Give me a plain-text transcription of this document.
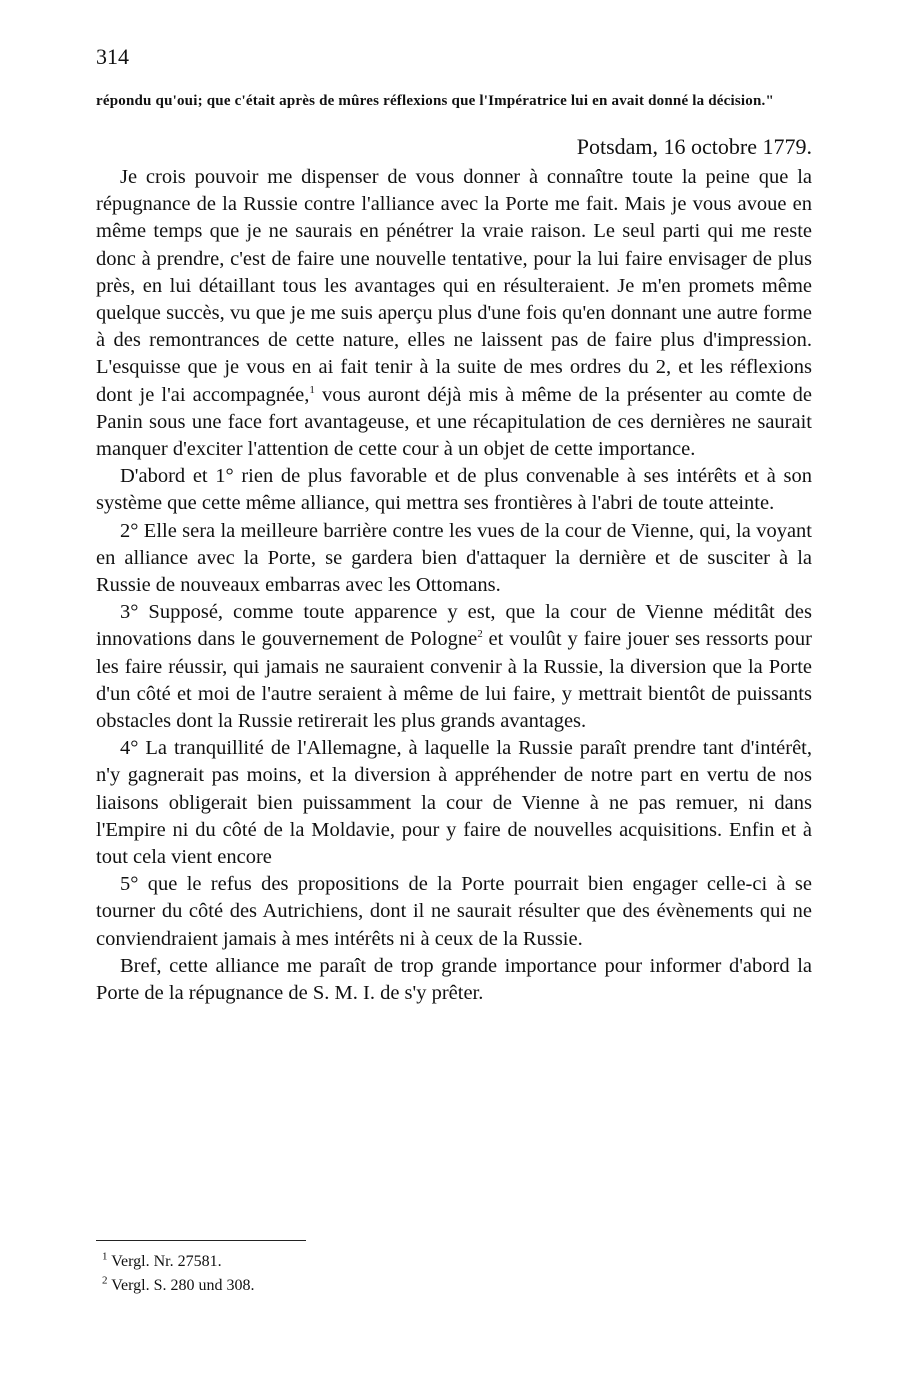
314
répondu qu'oui; que c'était après de mûres réflexions que l'Impératrice lui en avait donné la décision."
Potsdam, 16 octobre 1779.

Je crois pouvoir me dispenser de vous donner à connaître toute la peine que la répugnance de la Russie contre l'alliance avec la Porte me fait. Mais je vous avoue en même temps que je ne saurais en pénétrer la vraie raison. Le seul parti qui me reste donc à prendre, c'est de faire une nouvelle tentative, pour la lui faire envisager de plus près, en lui détaillant tous les avantages qui en résulteraient. Je m'en promets même quelque succès, vu que je me suis aperçu plus d'une fois qu'en donnant une autre forme à des remontrances de cette nature, elles ne laissent pas de faire plus d'impression. L'esquisse que je vous en ai fait tenir à la suite de mes ordres du 2, et les réflexions dont je l'ai accompagnée,$^1$ vous auront déjà mis à même de la présenter au comte de Panin sous une face fort avantageuse, et une récapitulation de ces dernières ne saurait manquer d'exciter l'attention de cette cour à un objet de cette importance.

D'abord et 1° rien de plus favorable et de plus convenable à ses intérêts et à son système que cette même alliance, qui mettra ses frontières à l'abri de toute atteinte.

2° Elle sera la meilleure barrière contre les vues de la cour de Vienne, qui, la voyant en alliance avec la Porte, se gardera bien d'attaquer la dernière et de susciter à la Russie de nouveaux embarras avec les Ottomans.

3° Supposé, comme toute apparence y est, que la cour de Vienne méditât des innovations dans le gouvernement de Pologne$^2$ et voulût y faire jouer ses ressorts pour les faire réussir, qui jamais ne sauraient convenir à la Russie, la diversion que la Porte d'un côté et moi de l'autre seraient à même de lui faire, y mettrait bientôt de puissants obstacles dont la Russie retirerait les plus grands avantages.

4° La tranquillité de l'Allemagne, à laquelle la Russie paraît prendre tant d'intérêt, n'y gagnerait pas moins, et la diversion à appréhender de notre part en vertu de nos liaisons obligerait bien puissamment la cour de Vienne à ne pas remuer, ni dans l'Empire ni du côté de la Moldavie, pour y faire de nouvelles acquisitions. Enfin et à tout cela vient encore

5° que le refus des propositions de la Porte pourrait bien engager celle-ci à se tourner du côté des Autrichiens, dont il ne saurait résulter que des évènements qui ne conviendraient jamais à mes intérêts ni à ceux de la Russie.

Bref, cette alliance me paraît de trop grande importance pour informer d'abord la Porte de la répugnance de S. M. I. de s'y prêter.

$^1$ Vergl. Nr. 27581.
$^2$ Vergl. S. 280 und 308.
